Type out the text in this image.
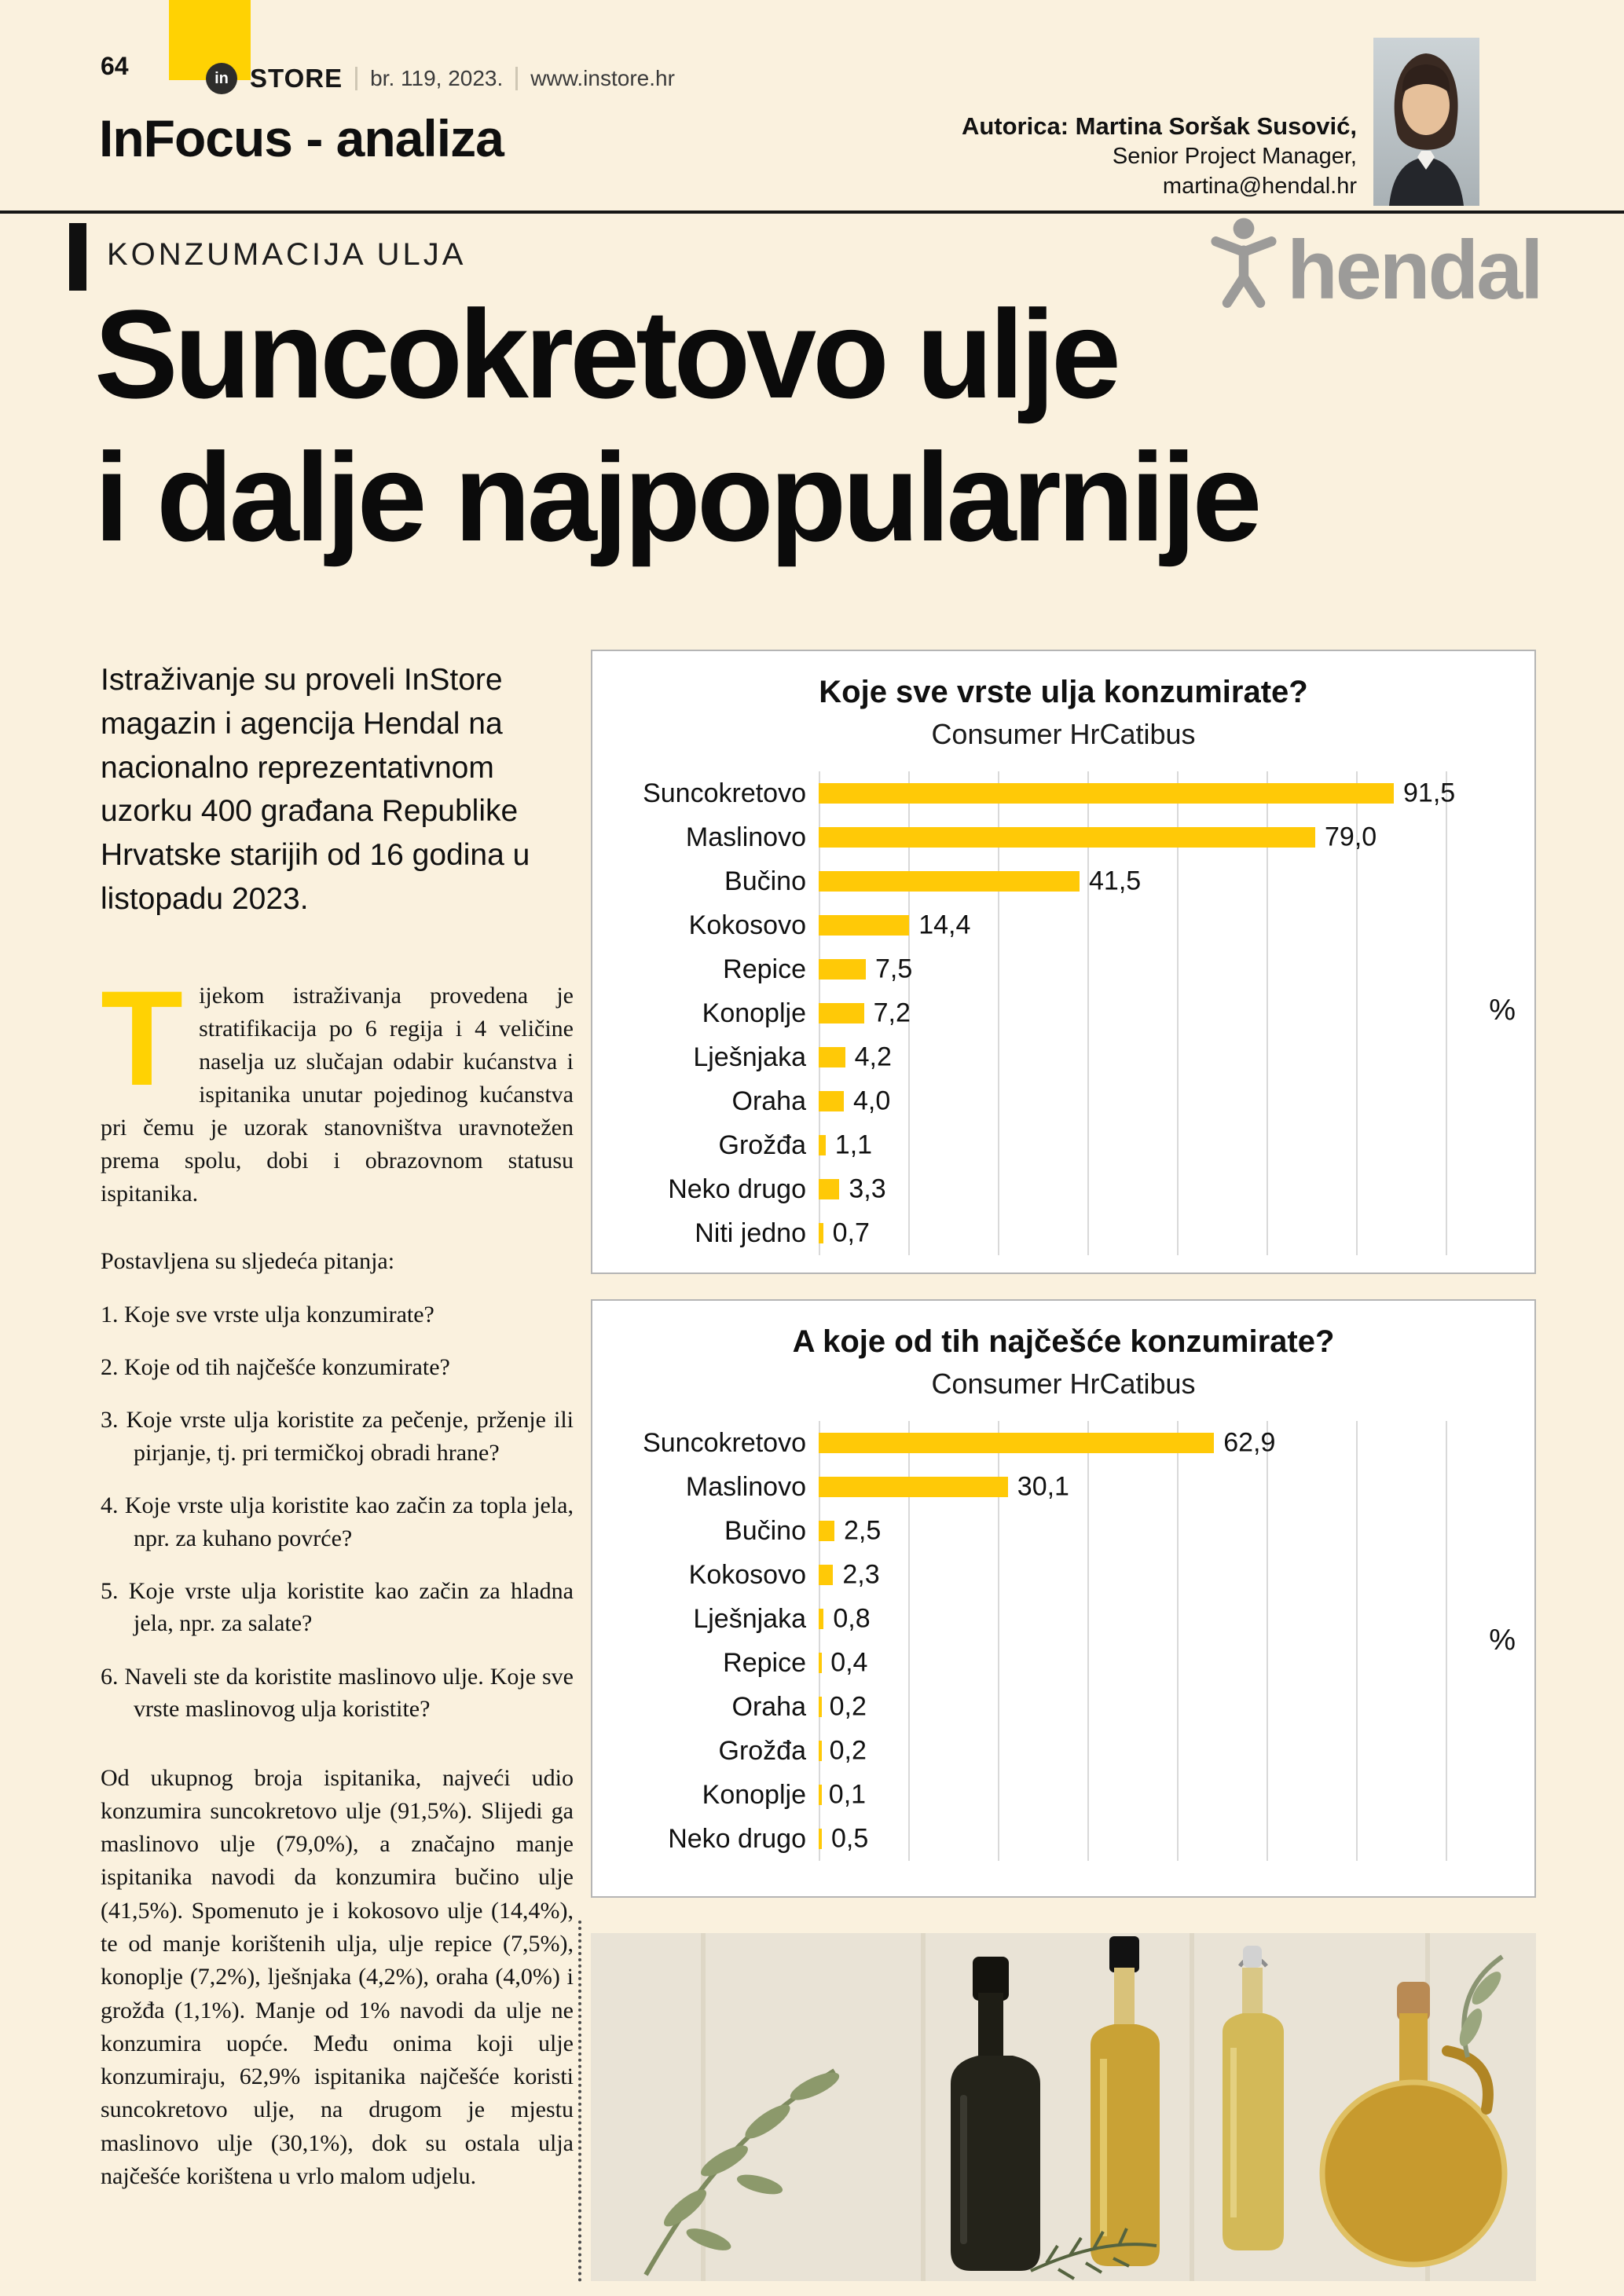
64	in STORE br. 119, 2023. www.instore.hr
Autorica: Martina Soršak Susović,
Senior Project Manager,
martina@hendal.hr
InFocus - analiza
KONZUMACIJA ULJA	hendal
Suncokretovo ulje
i dalje najpopularnije

Istraživanje su proveli InStore magazin i agencija Hendal na nacionalno reprezentativnom uzorku 400 građana Republike Hrvatske starijih od 16 godina u listopadu 2023.

Tijekom istraživanja provedena je stratifikacija po 6 regija i 4 veličine naselja uz slučajan odabir kućanstva i ispitanika unutar pojedinog kućanstva pri čemu je uzorak stanovništva uravnotežen prema spolu, dobi i obrazovnom statusu ispitanika.

Postavljena su sljedeća pitanja:

1. Koje sve vrste ulja konzumirate?
2. Koje od tih najčešće konzumirate?
3. Koje vrste ulja koristite za pečenje, prženje ili pirjanje, tj. pri termičkoj obradi hrane?
4. Koje vrste ulja koristite kao začin za topla jela, npr. za kuhano povrće?
5. Koje vrste ulja koristite kao začin za hladna jela, npr. za salate?
6. Naveli ste da koristite maslinovo ulje. Koje sve vrste maslinovog ulja koristite?

Od ukupnog broja ispitanika, najveći udio konzumira suncokretovo ulje (91,5%). Slijedi ga maslinovo ulje (79,0%), a značajno manje ispitanika navodi da konzumira bučino ulje (41,5%). Spomenuto je i kokosovo ulje (14,4%), te od manje korištenih ulja, ulje repice (7,5%), konoplje (7,2%), lješnjaka (4,2%), oraha (4,0%) i grožđa (1,1%). Manje od 1% navodi da ulje ne konzumira uopće. Među onima koji ulje konzumiraju, 62,9% ispitanika najčešće koristi suncokretovo ulje, na drugom je mjestu maslinovo ulje (30,1%), dok su ostala ulja najčešće korištena u vrlo malom udjelu.

Koje sve vrste ulja konzumirate?
Consumer HrCatibus
Suncokretovo	91,5
Maslinovo	79,0
Bučino	41,5
Kokosovo	14,4
Repice	7,5
Konoplje	7,2
Lješnjaka	4,2
Oraha	4,0
Grožđa	1,1
Neko drugo	3,3
Niti jedno 0,7
%
A koje od tih najčešće konzumirate?
Consumer HrCatibus
Suncokretovo	62,9
Maslinovo	30,1
Bučino	2,5
Kokosovo	2,3
Lješnjaka	0,8
Repice 0,4
Oraha 0,2
Grožđa 0,2
Konoplje 0,1
Neko drugo 0,5
%
